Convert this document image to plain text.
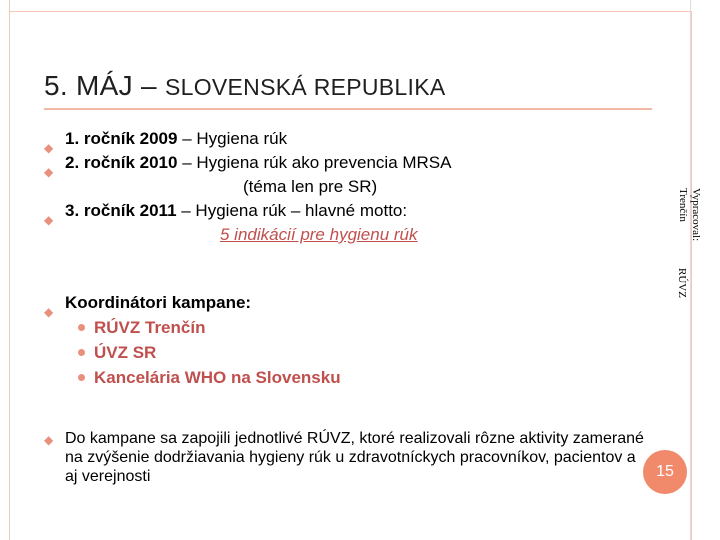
5. MÁJ – SLOVENSKÁ REPUBLIKA
◆ 1. ročník 2009 – Hygiena rúk
◆ 2. ročník 2010 – Hygiena rúk ako prevencia MRSA
(téma len pre SR)
◆ 3. ročník 2011 – Hygiena rúk – hlavné motto:
5 indikácií pre hygienu rúk
◆ Koordinátori kampane:
RÚVZ Trenčín
ÚVZ SR
Kancelária WHO na Slovensku
◆ Do kampane sa zapojili jednotlivé RÚVZ, ktoré realizovali rôzne aktivity zamerané na zvýšenie dodržiavania hygieny rúk u zdravotníckych pracovníkov, pacientov a aj verejnosti
Vypracoval:
Trenčín
RÚVZ
15
